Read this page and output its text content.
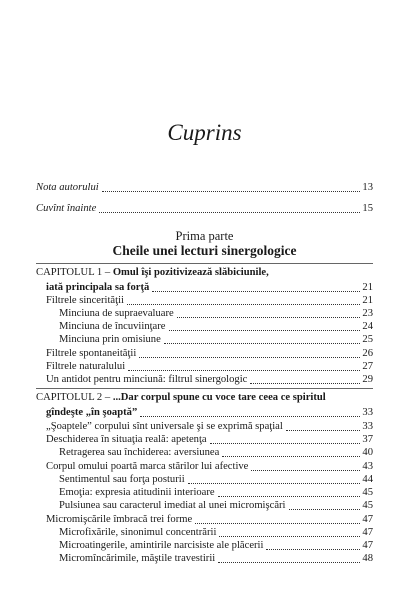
Cuprins
Nota autorului	13
Cuvînt înainte	15
Prima parte
Cheile unei lecturi sinergologice
CAPITOLUL 1 – Omul îşi pozitivizează slăbiciunile,
iată principala sa forţă	21
Filtrele sincerităţii	21
Minciuna de supraevaluare	23
Minciuna de încuviinţare	24
Minciuna prin omisiune	25
Filtrele spontaneităţii	26
Filtrele naturalului	27
Un antidot pentru minciună: filtrul sinergologic	29
CAPITOLUL 2 – ...Dar corpul spune cu voce tare ceea ce spiritul
gîndeşte „în şoaptă”	33
„Şoaptele” corpului sînt universale şi se exprimă spaţial	33
Deschiderea în situaţia reală: apetenţa	37
Retragerea sau închiderea: aversiunea	40
Corpul omului poartă marca stărilor lui afective	43
Sentimentul sau forţa posturii	44
Emoţia: expresia atitudinii interioare	45
Pulsiunea sau caracterul imediat al unei micromişcări	45
Micromişcările îmbracă trei forme	47
Microfixările, sinonimul concentrării	47
Microatingerile, amintirile narcisiste ale plăcerii	47
Micromîncărimile, măştile travestirii	48
